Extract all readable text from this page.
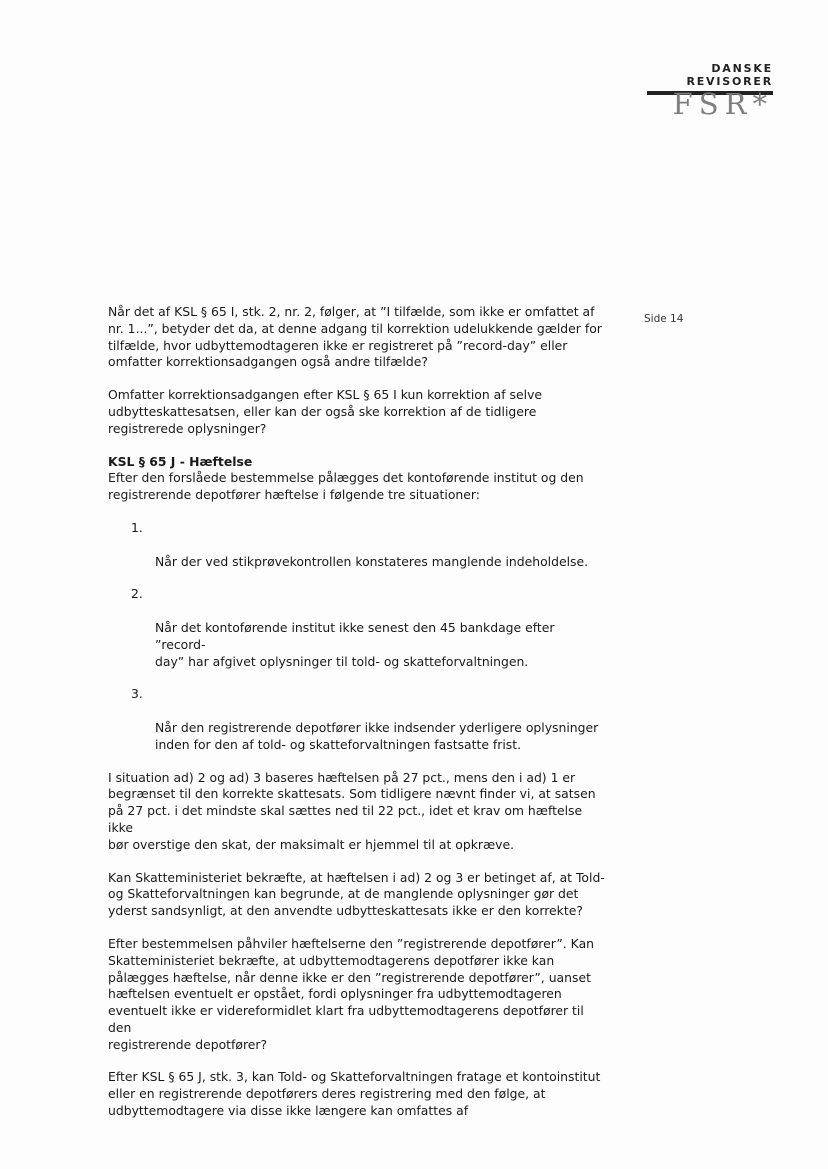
DANSKE
REVISORER
FSR*
Side 14

Når det af KSL § 65 I, stk. 2, nr. 2, følger, at ”I tilfælde, som ikke er omfattet af
nr. 1...”, betyder det da, at denne adgang til korrektion udelukkende gælder for
tilfælde, hvor udbyttemodtageren ikke er registreret på ”record-day” eller
omfatter korrektionsadgangen også andre tilfælde?

Omfatter korrektionsadgangen efter KSL § 65 I kun korrektion af selve
udbytteskattesatsen, eller kan der også ske korrektion af de tidligere
registrerede oplysninger?

KSL § 65 J - Hæftelse

Efter den forslåede bestemmelse pålægges det kontoførende institut og den
registrerende depotfører hæftelse i følgende tre situationer:

1.

Når der ved stikprøvekontrollen konstateres manglende indeholdelse.

2.

Når det kontoførende institut ikke senest den 45 bankdage efter ”record-
day” har afgivet oplysninger til told- og skatteforvaltningen.

3.

Når den registrerende depotfører ikke indsender yderligere oplysninger
inden for den af told- og skatteforvaltningen fastsatte frist.

I situation ad) 2 og ad) 3 baseres hæftelsen på 27 pct., mens den i ad) 1 er
begrænset til den korrekte skattesats. Som tidligere nævnt finder vi, at satsen
på 27 pct. i det mindste skal sættes ned til 22 pct., idet et krav om hæftelse ikke
bør overstige den skat, der maksimalt er hjemmel til at opkræve.

Kan Skatteministeriet bekræfte, at hæftelsen i ad) 2 og 3 er betinget af, at Told-
og Skatteforvaltningen kan begrunde, at de manglende oplysninger gør det
yderst sandsynligt, at den anvendte udbytteskattesats ikke er den korrekte?

Efter bestemmelsen påhviler hæftelserne den ”registrerende depotfører”. Kan
Skatteministeriet bekræfte, at udbyttemodtagerens depotfører ikke kan
pålægges hæftelse, når denne ikke er den ”registrerende depotfører”, uanset
hæftelsen eventuelt er opstået, fordi oplysninger fra udbyttemodtageren
eventuelt ikke er videreformidlet klart fra udbyttemodtagerens depotfører til den
registrerende depotfører?

Efter KSL § 65 J, stk. 3, kan Told- og Skatteforvaltningen fratage et kontoinstitut
eller en registrerende depotførers deres registrering med den følge, at
udbyttemodtagere via disse ikke længere kan omfattes af
